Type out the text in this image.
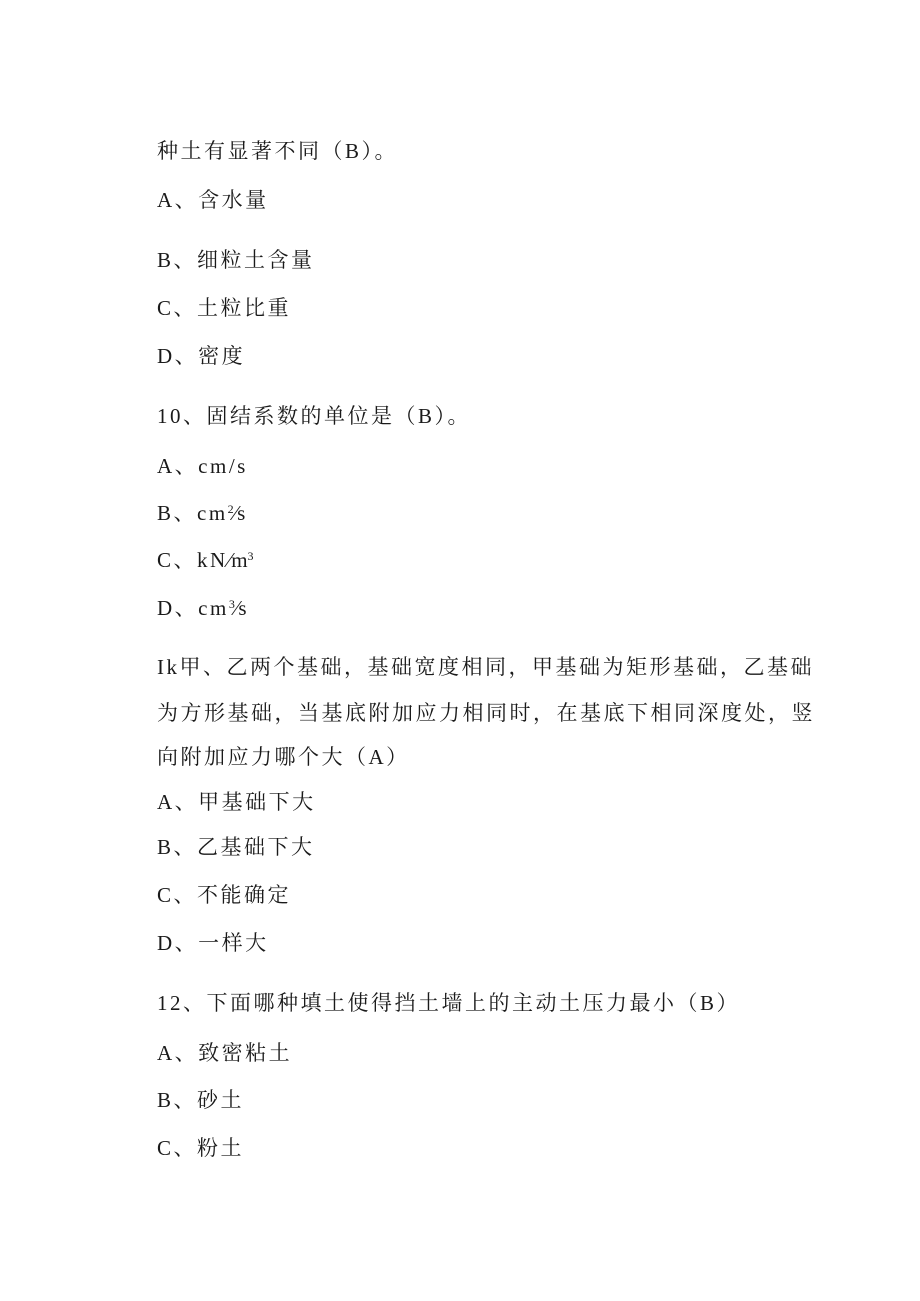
种土有显著不同（B）。
A、含水量
B、细粒土含量
C、土粒比重
D、密度
10、固结系数的单位是（B）。
A、cm/s
B、$cm^2⁄s$
C、$kN⁄m^3$
D、$cm^3⁄s$
Ik甲、乙两个基础，基础宽度相同，甲基础为矩形基础，乙基础
为方形基础，当基底附加应力相同时，在基底下相同深度处，竖
向附加应力哪个大（A）
A、甲基础下大
B、乙基础下大
C、不能确定
D、一样大
12、下面哪种填土使得挡土墙上的主动土压力最小（B）
A、致密粘土
B、砂土
C、粉土
